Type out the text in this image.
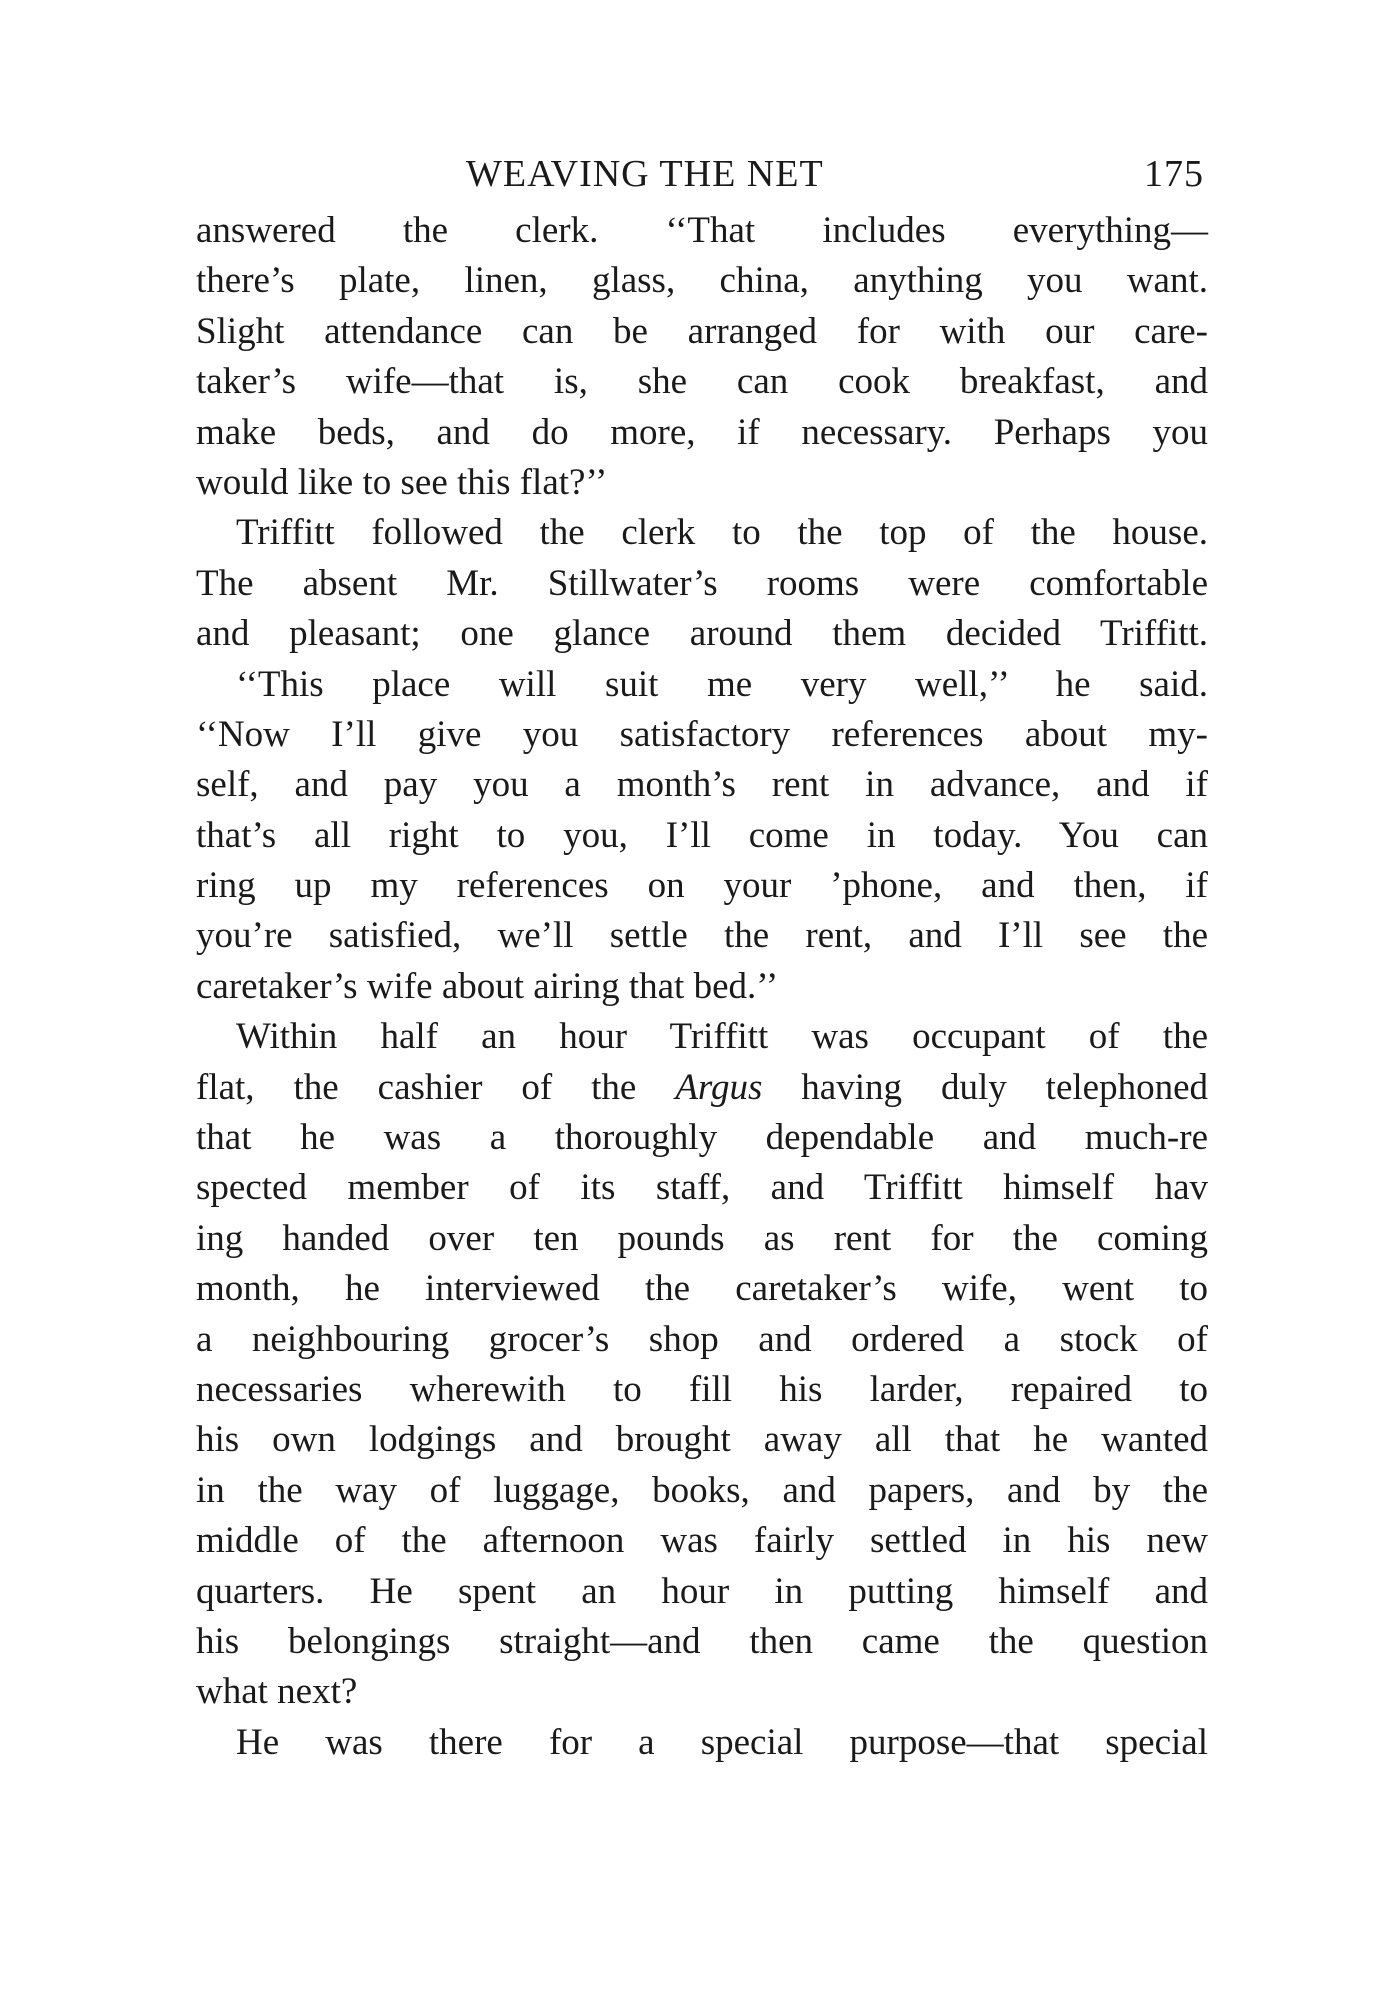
WEAVING THE NET	175
answered the clerk. ‘‘That includes everything—
there’s plate, linen, glass, china, anything you want.
Slight attendance can be arranged for with our care-
taker’s wife—that is, she can cook breakfast, and
make beds, and do more, if necessary. Perhaps you
would like to see this flat?’’
Triffitt followed the clerk to the top of the house.
The absent Mr. Stillwater’s rooms were comfortable
and pleasant; one glance around them decided Triffitt.
‘‘This place will suit me very well,’’ he said.
‘‘Now I’ll give you satisfactory references about my-
self, and pay you a month’s rent in advance, and if
that’s all right to you, I’ll come in today. You can
ring up my references on your ’phone, and then, if
you’re satisfied, we’ll settle the rent, and I’ll see the
caretaker’s wife about airing that bed.’’
Within half an hour Triffitt was occupant of the
flat, the cashier of the Argus having duly telephoned
that he was a thoroughly dependable and much-re
spected member of its staff, and Triffitt himself hav
ing handed over ten pounds as rent for the coming
month, he interviewed the caretaker’s wife, went to
a neighbouring grocer’s shop and ordered a stock of
necessaries wherewith to fill his larder, repaired to
his own lodgings and brought away all that he wanted
in the way of luggage, books, and papers, and by the
middle of the afternoon was fairly settled in his new
quarters. He spent an hour in putting himself and
his belongings straight—and then came the question
what next?
He was there for a special purpose—that special
